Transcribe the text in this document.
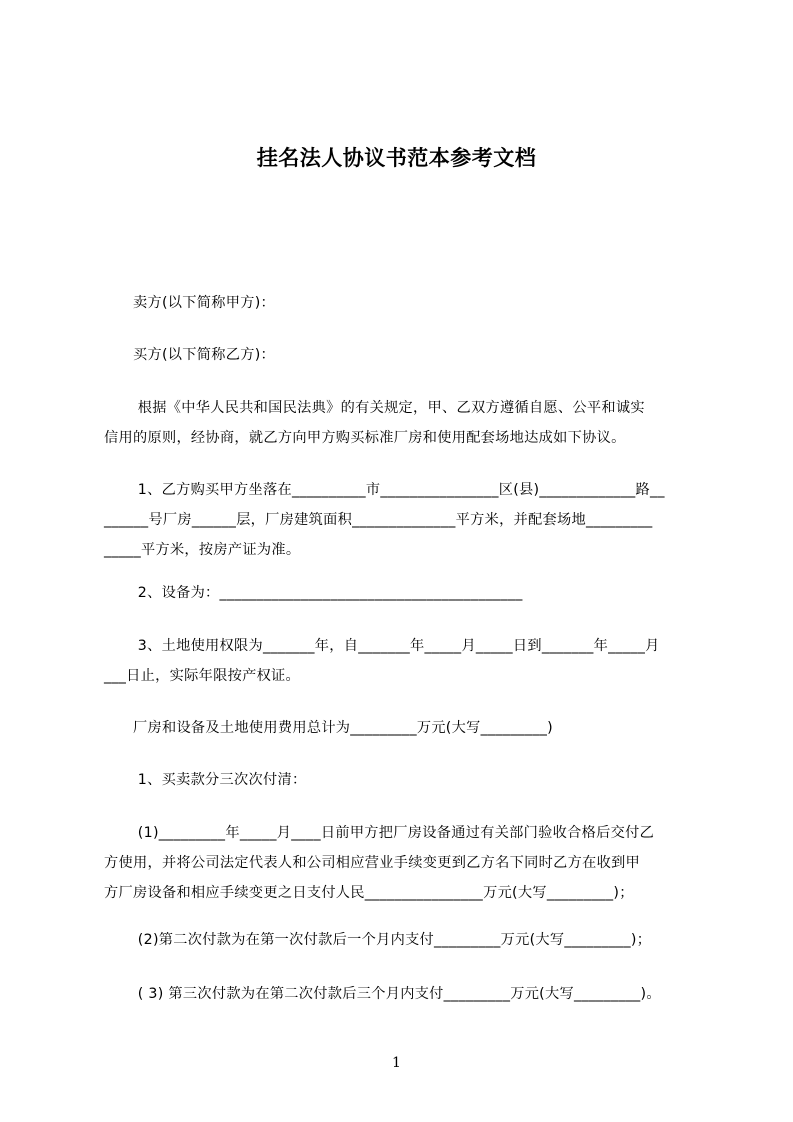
挂名法人协议书范本参考文档
　　卖方(以下简称甲方)：
　　买方(以下简称乙方)：
　　 根据《中华人民共和国民法典》的有关规定，甲、乙双方遵循自愿、公平和诚实
信用的原则，经协商，就乙方向甲方购买标准厂房和使用配套场地达成如下协议。
　　 1、乙方购买甲方坐落在__________市________________区(县)_____________路__
______号厂房______层，厂房建筑面积______________平方米，并配套场地_________
_____平方米，按房产证为准。
　　 2、设备为：_________________________________________
　　 3、土地使用权限为_______年，自_______年_____月_____日到_______年_____月
___日止，实际年限按产权证。
　　厂房和设备及土地使用费用总计为_________万元(大写_________)
　　 1、买卖款分三次次付清：
　　 (1)_________年_____月____日前甲方把厂房设备通过有关部门验收合格后交付乙
方使用，并将公司法定代表人和公司相应营业手续变更到乙方名下同时乙方在收到甲
方厂房设备和相应手续变更之日支付人民________________万元(大写_________)；
　　 (2)第二次付款为在第一次付款后一个月内支付_________万元(大写_________)；
　　 ( 3) 第三次付款为在第二次付款后三个月内支付_________万元(大写_________)。
1
